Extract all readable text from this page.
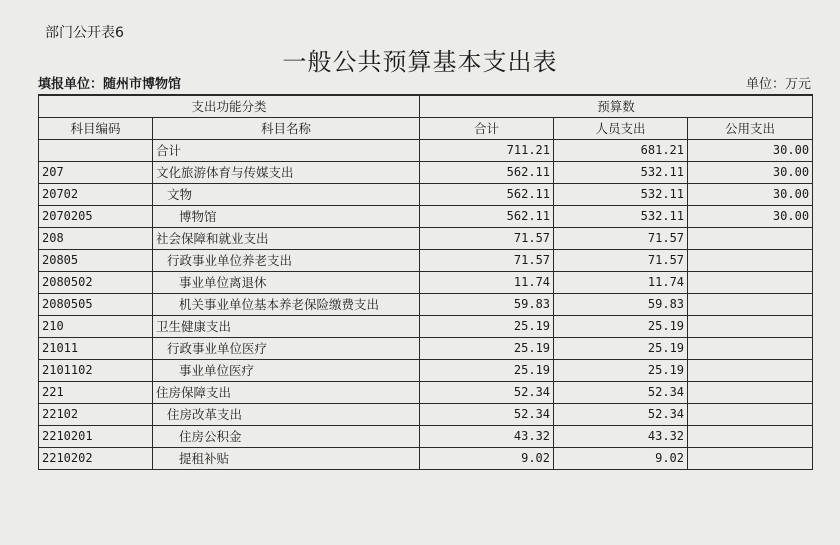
部门公开表6
一般公共预算基本支出表
填报单位：随州市博物馆	单位：万元
支出功能分类		预算数		
科目编码	科目名称	合计	人员支出	公用支出
	合计	711.21	681.21	30.00
207	文化旅游体育与传媒支出	562.11	532.11	30.00
20702	文物	562.11	532.11	30.00
2070205	博物馆	562.11	532.11	30.00
208	社会保障和就业支出	71.57	71.57	
20805	行政事业单位养老支出	71.57	71.57	
2080502	事业单位离退休	11.74	11.74	
2080505	机关事业单位基本养老保险缴费支出	59.83	59.83	
210	卫生健康支出	25.19	25.19	
21011	行政事业单位医疗	25.19	25.19	
2101102	事业单位医疗	25.19	25.19	
221	住房保障支出	52.34	52.34	
22102	住房改革支出	52.34	52.34	
2210201	住房公积金	43.32	43.32	
2210202	提租补贴	9.02	9.02	
